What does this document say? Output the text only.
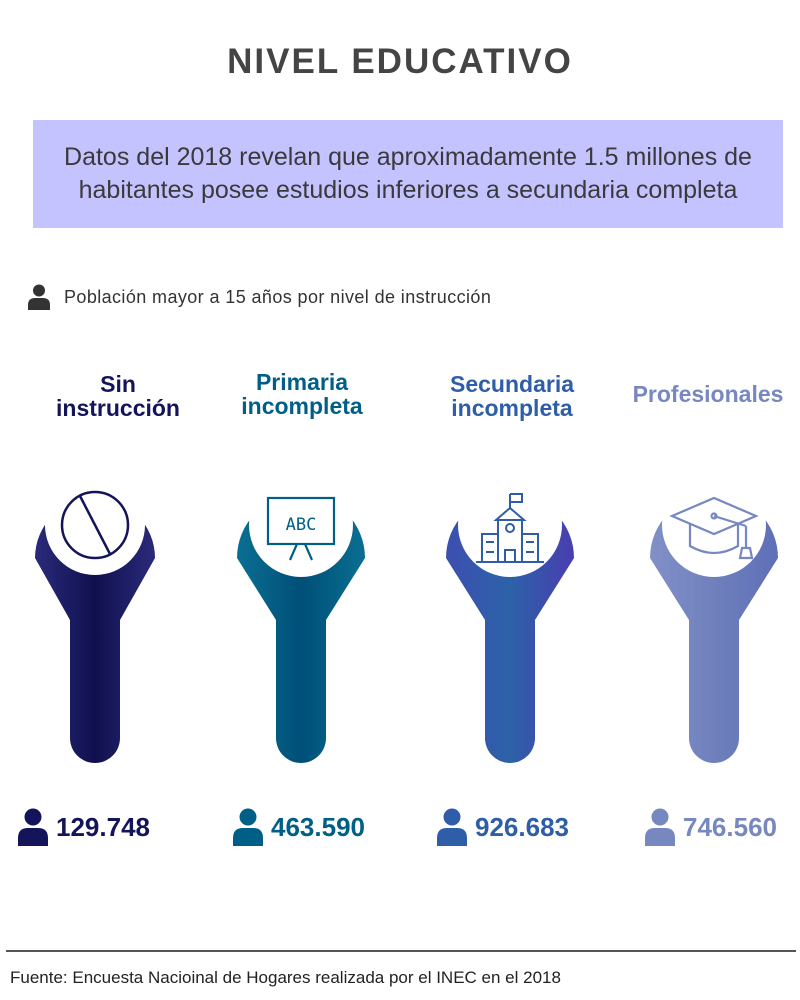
NIVEL EDUCATIVO
Datos del 2018 revelan que aproximadamente 1.5 millones de habitantes posee estudios inferiores a secundaria completa
Población mayor a 15 años por nivel de instrucción
Sin
instrucción
Primaria
incompleta
Secundaria
incompleta
Profesionales
ABC
129.748	463.590	926.683	746.560
Fuente: Encuesta Nacioinal de Hogares realizada por el INEC en el 2018
